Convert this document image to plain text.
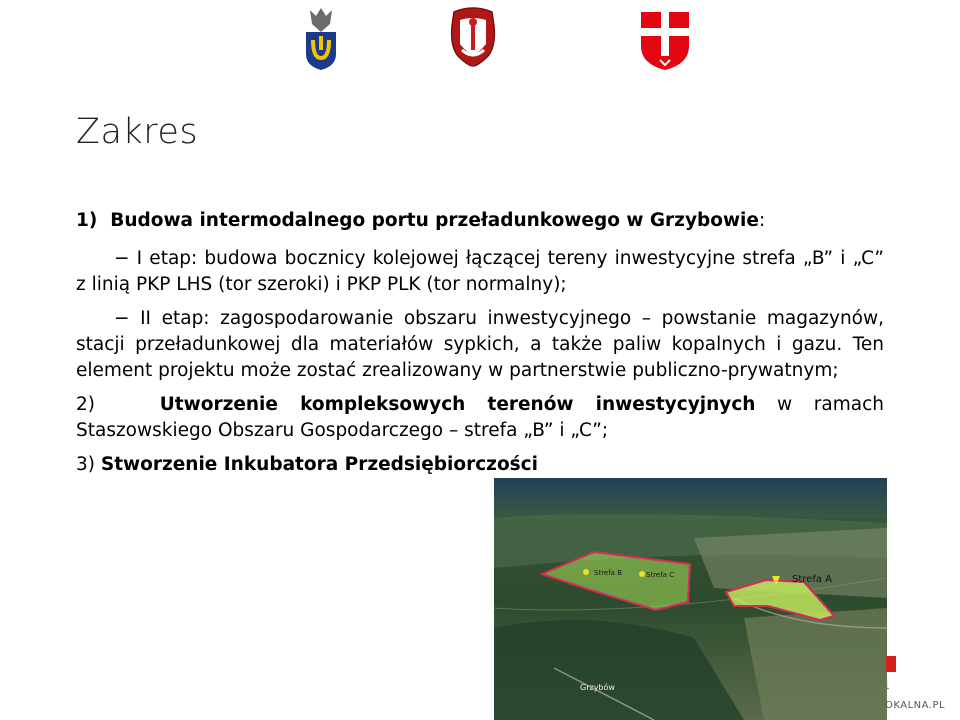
Zakres

1) Budowa intermodalnego portu przeładunkowego w Grzybowie:

− I etap: budowa bocznicy kolejowej łączącej tereny inwestycyjne strefa „B” i „C” z linią PKP LHS (tor szeroki) i PKP PLK (tor normalny);

− II etap: zagospodarowanie obszaru inwestycyjnego – powstanie magazynów, stacji przeładunkowej dla materiałów sypkich, a także paliw kopalnych i gazu. Ten element projektu może zostać zrealizowany w partnerstwie publiczno-prywatnym;

2)	Utworzenie kompleksowych terenów inwestycyjnych w ramach Staszowskiego Obszaru Gospodarczego – strefa „B” i „C”;

3) Stworzenie Inkubatora Przedsiębiorczości

Strefa B	Strefa C	Strefa A
Grzybów	1
OKALNA.PL
